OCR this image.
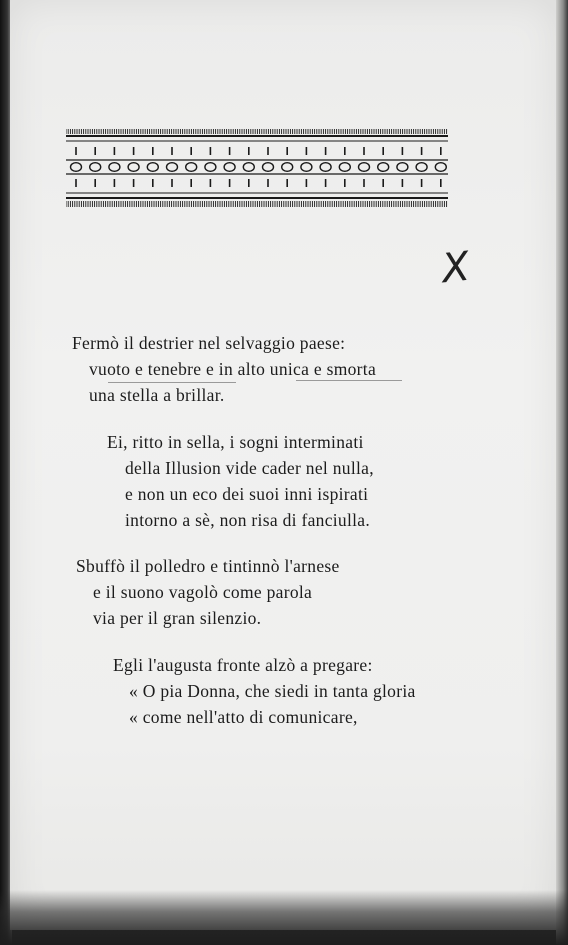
X
Fermò il destrier nel selvaggio paese:
vuoto e tenebre e in alto unica e smorta
una stella a brillar.
Ei, ritto in sella, i sogni interminati
della Illusion vide cader nel nulla,
e non un eco dei suoi inni ispirati
intorno a sè, non risa di fanciulla.
Sbuffò il polledro e tintinnò l'arnese
e il suono vagolò come parola
via per il gran silenzio.
Egli l'augusta fronte alzò a pregare:
« O pia Donna, che siedi in tanta gloria
« come nell'atto di comunicare,
